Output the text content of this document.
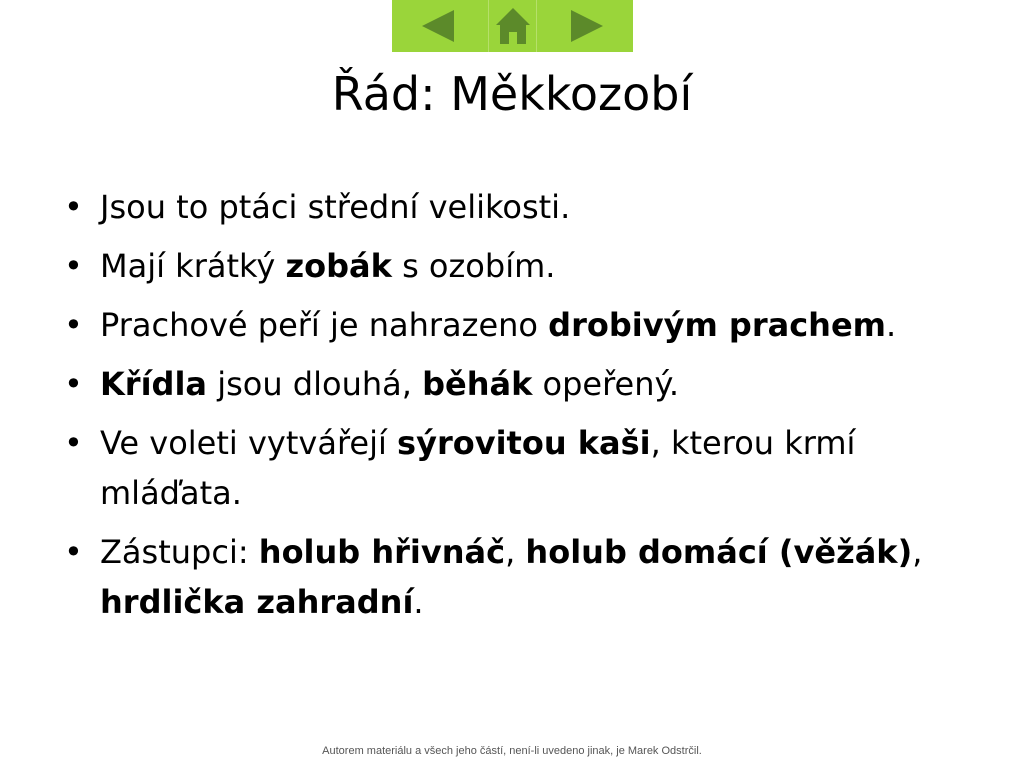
Řád: Měkkozobí
• Jsou to ptáci střední velikosti.
• Mají krátký zobák s ozobím.
• Prachové peří je nahrazeno drobivým prachem.
• Křídla jsou dlouhá, běhák opeřený.
• Ve voleti vytvářejí sýrovitou kaši, kterou krmí mláďata.
• Zástupci: holub hřivnáč, holub domácí (věžák), hrdlička zahradní.
Autorem materiálu a všech jeho částí, není-li uvedeno jinak, je Marek Odstrčil.
